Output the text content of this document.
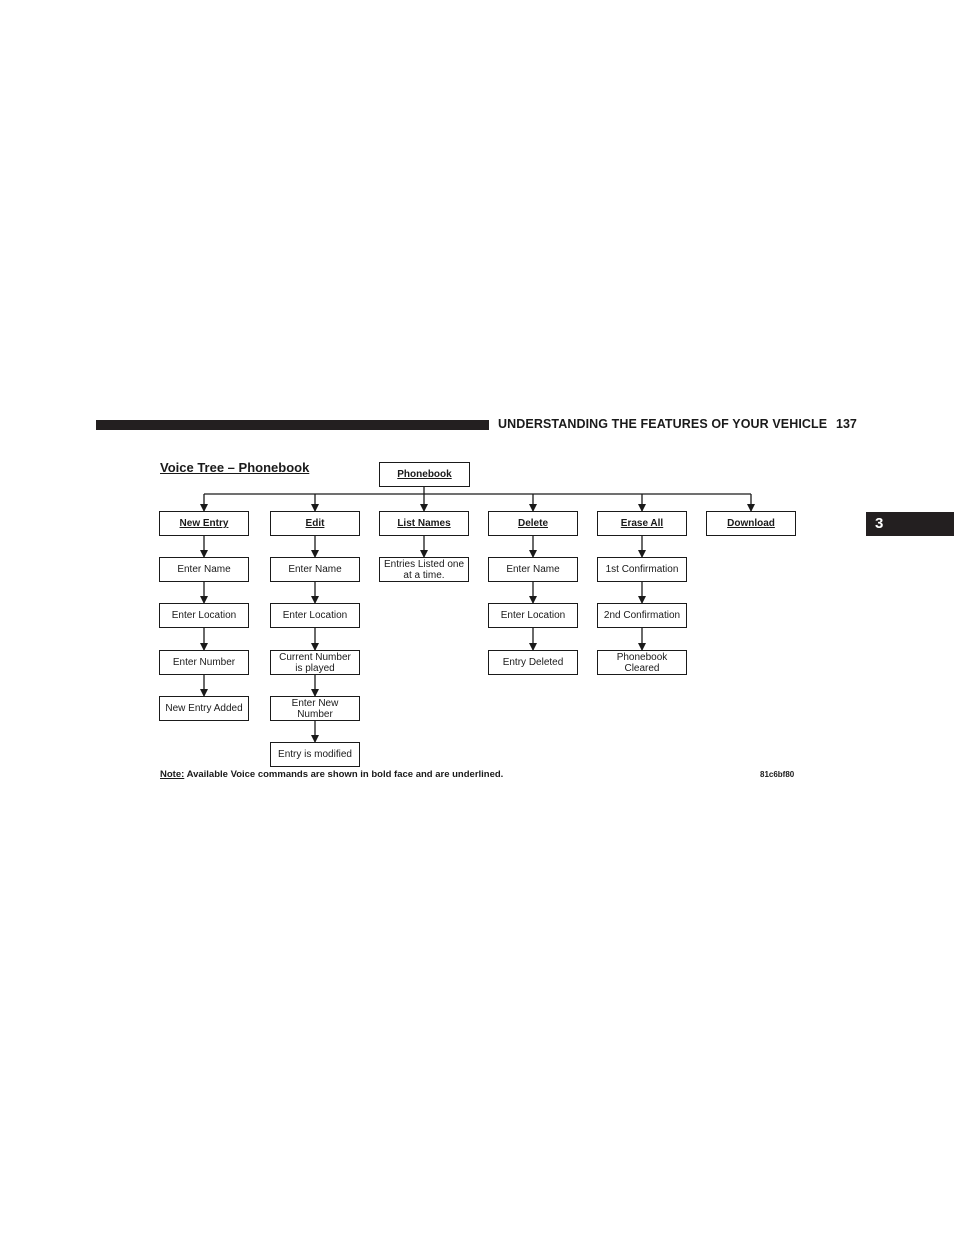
UNDERSTANDING THE FEATURES OF YOUR VEHICLE 137
3
Voice Tree – Phonebook	Phonebook
New Entry
Enter Name
Enter Location
Enter Number
New Entry Added
Edit
Enter Name
Enter Location
Current Number
is played
Enter New
Number
Entry is modified
List Names
Entries Listed one
at a time.
Delete
Enter Name
Enter Location
Entry Deleted
Erase All
1st Confirmation
2nd Confirmation
Phonebook
Cleared
Download
Note: Available Voice commands are shown in bold face and are underlined.	81c6bf80
